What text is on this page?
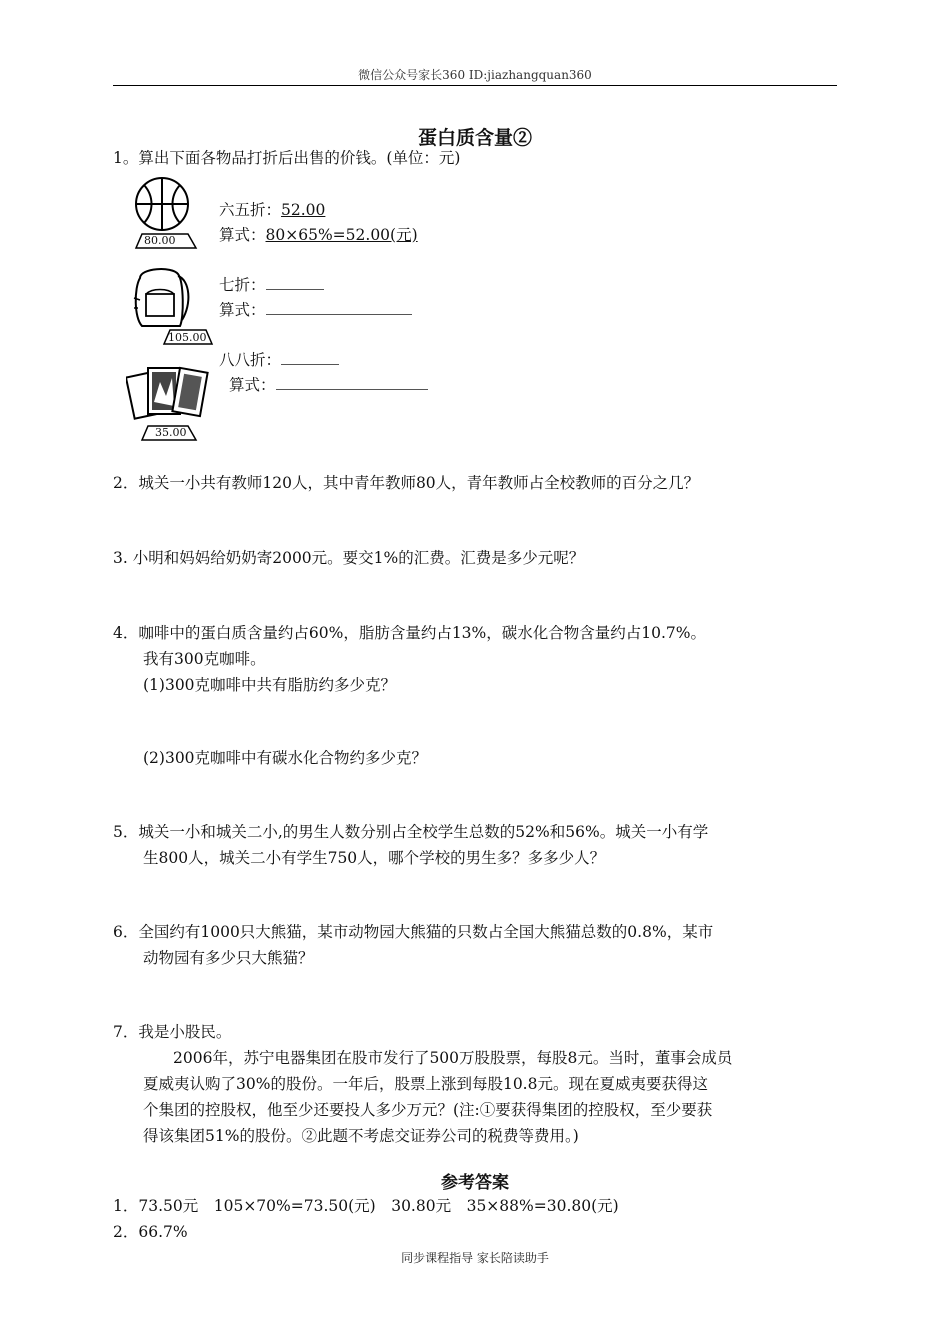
微信公众号家长360 ID:jiazhangquan360
蛋白质含量②
1。算出下面各物品打折后出售的价钱。(单位：元)
80.00
六五折：52.00
算式：80×65%=52.00(元)
105.00
七折：
算式：
35.00
八八折：
算式：
2．城关一小共有教师120人，其中青年教师80人，青年教师占全校教师的百分之几？
3. 小明和妈妈给奶奶寄2000元。要交1%的汇费。汇费是多少元呢？
4．咖啡中的蛋白质含量约占60%，脂肪含量约占13%，碳水化合物含量约占10.7%。
我有300克咖啡。
(1)300克咖啡中共有脂肪约多少克？
(2)300克咖啡中有碳水化合物约多少克？
5．城关一小和城关二小,的男生人数分别占全校学生总数的52%和56%。城关一小有学
生800人，城关二小有学生750人，哪个学校的男生多？多多少人？
6．全国约有1000只大熊猫，某市动物园大熊猫的只数占全国大熊猫总数的0.8%，某市
动物园有多少只大熊猫？
7．我是小股民。
2006年，苏宁电器集团在股市发行了500万股股票，每股8元。当时，董事会成员
夏威夷认购了30%的股份。一年后，股票上涨到每股10.8元。现在夏威夷要获得这
个集团的控股权，他至少还要投人多少万元？(注:①要获得集团的控股权，至少要获
得该集团51%的股份。②此题不考虑交证券公司的税费等费用。)
参考答案
1．73.50元　105×70%=73.50(元)　30.80元　35×88%=30.80(元)
2．66.7%
同步课程指导 家长陪读助手
